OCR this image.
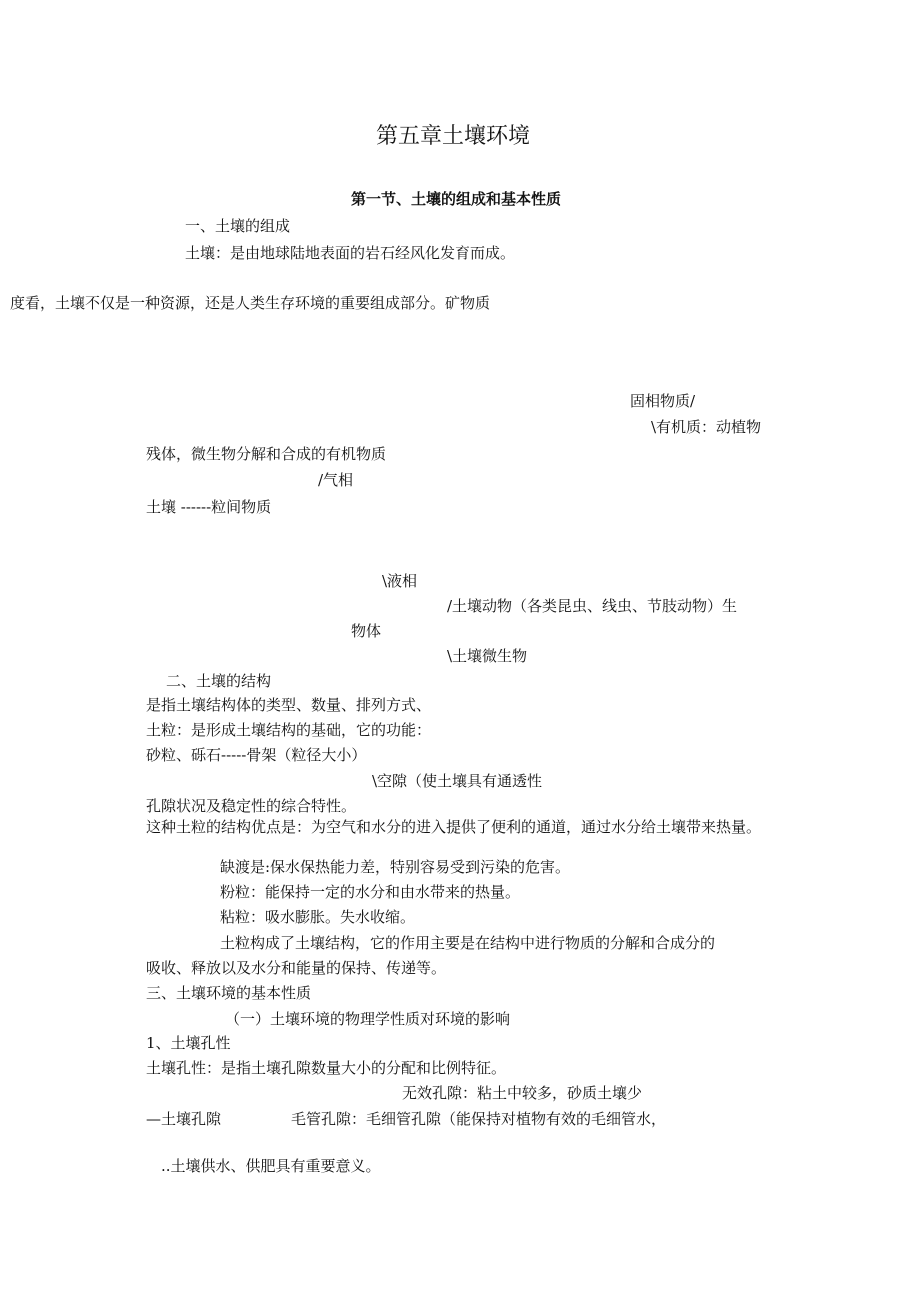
第五章土壤环境
第一节、土壤的组成和基本性质
一、土壤的组成
土壤：是由地球陆地表面的岩石经风化发育而成。
度看，土壤不仅是一种资源，还是人类生存环境的重要组成部分。矿物质
固相物质/
\有机质：动植物
残体，微生物分解和合成的有机物质
/气相
土壤 ------粒间物质
\液相
/土壤动物（各类昆虫、线虫、节肢动物）生
物体
\土壤微生物
二、土壤的结构
是指土壤结构体的类型、数量、排列方式、
土粒：是形成土壤结构的基础，它的功能：
砂粒、砾石-----骨架（粒径大小）
\空隙（使土壤具有通透性
孔隙状况及稳定性的综合特性。
这种土粒的结构优点是：为空气和水分的进入提供了便利的通道，通过水分给土壤带来热量。
缺渡是:保水保热能力差，特别容易受到污染的危害。
粉粒：能保持一定的水分和由水带来的热量。
粘粒：吸水膨胀。失水收缩。
土粒构成了土壤结构，它的作用主要是在结构中进行物质的分解和合成分的
吸收、释放以及水分和能量的保持、传递等。
三、土壤环境的基本性质
（一）土壤环境的物理学性质对环境的影响
1、土壤孔性
土壤孔性：是指土壤孔隙数量大小的分配和比例特征。
无效孔隙：粘土中较多，砂质土壤少
—土壤孔隙	毛管孔隙：毛细管孔隙（能保持对植物有效的毛细管水，
..土壤供水、供肥具有重要意义。
